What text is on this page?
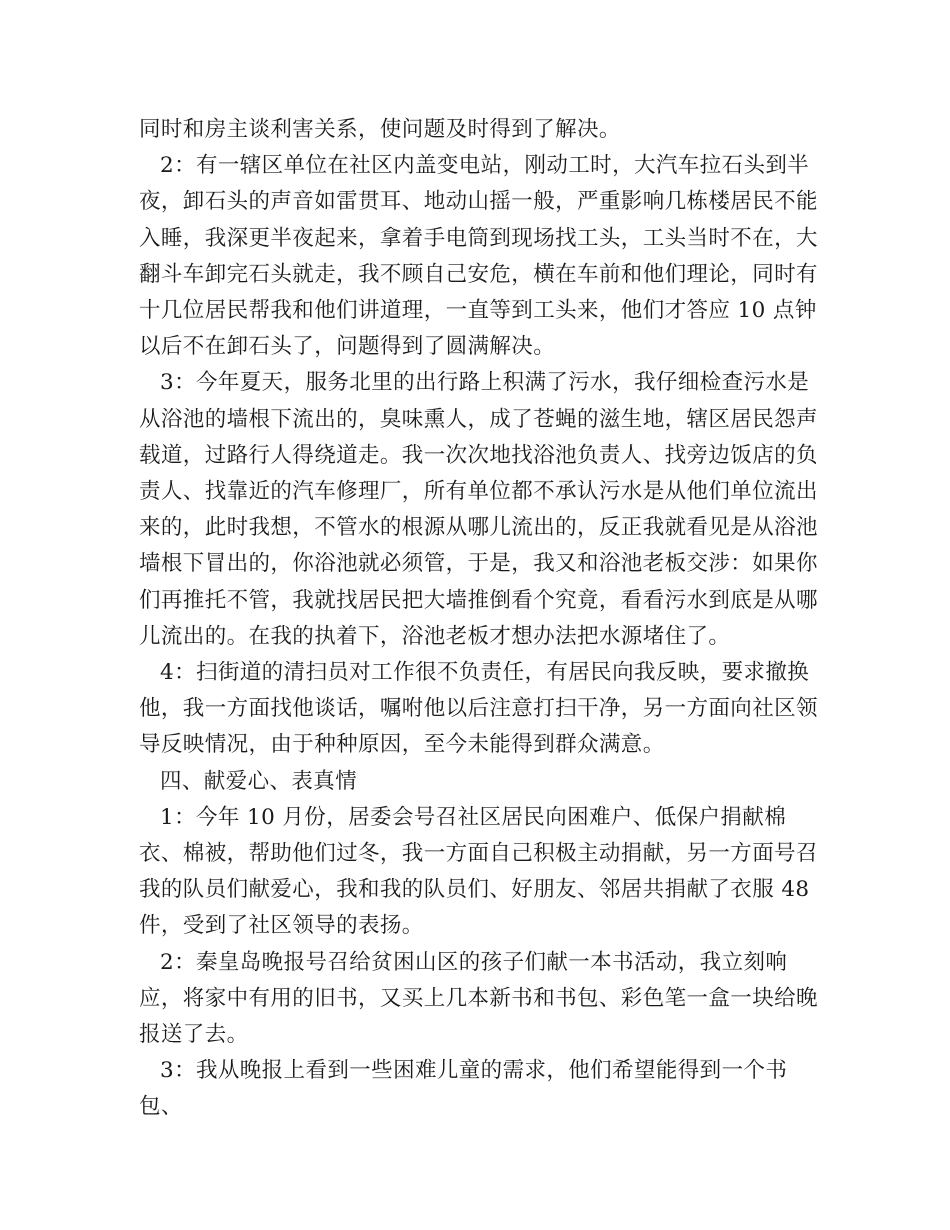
同时和房主谈利害关系，使问题及时得到了解决。

2：有一辖区单位在社区内盖变电站，刚动工时，大汽车拉石头到半夜，卸石头的声音如雷贯耳、地动山摇一般，严重影响几栋楼居民不能入睡，我深更半夜起来，拿着手电筒到现场找工头，工头当时不在，大翻斗车卸完石头就走，我不顾自己安危，横在车前和他们理论，同时有十几位居民帮我和他们讲道理，一直等到工头来，他们才答应 10 点钟以后不在卸石头了，问题得到了圆满解决。

3：今年夏天，服务北里的出行路上积满了污水，我仔细检查污水是从浴池的墙根下流出的，臭味熏人，成了苍蝇的滋生地，辖区居民怨声载道，过路行人得绕道走。我一次次地找浴池负责人、找旁边饭店的负责人、找靠近的汽车修理厂，所有单位都不承认污水是从他们单位流出来的，此时我想，不管水的根源从哪儿流出的，反正我就看见是从浴池墙根下冒出的，你浴池就必须管，于是，我又和浴池老板交涉：如果你们再推托不管，我就找居民把大墙推倒看个究竟，看看污水到底是从哪儿流出的。在我的执着下，浴池老板才想办法把水源堵住了。

4：扫街道的清扫员对工作很不负责任，有居民向我反映，要求撤换他，我一方面找他谈话，嘱咐他以后注意打扫干净，另一方面向社区领导反映情况，由于种种原因，至今未能得到群众满意。

四、献爱心、表真情

1：今年 10 月份，居委会号召社区居民向困难户、低保户捐献棉衣、棉被，帮助他们过冬，我一方面自己积极主动捐献，另一方面号召我的队员们献爱心，我和我的队员们、好朋友、邻居共捐献了衣服 48 件，受到了社区领导的表扬。

2：秦皇岛晚报号召给贫困山区的孩子们献一本书活动，我立刻响应，将家中有用的旧书，又买上几本新书和书包、彩色笔一盒一块给晚报送了去。

3：我从晚报上看到一些困难儿童的需求，他们希望能得到一个书包、
